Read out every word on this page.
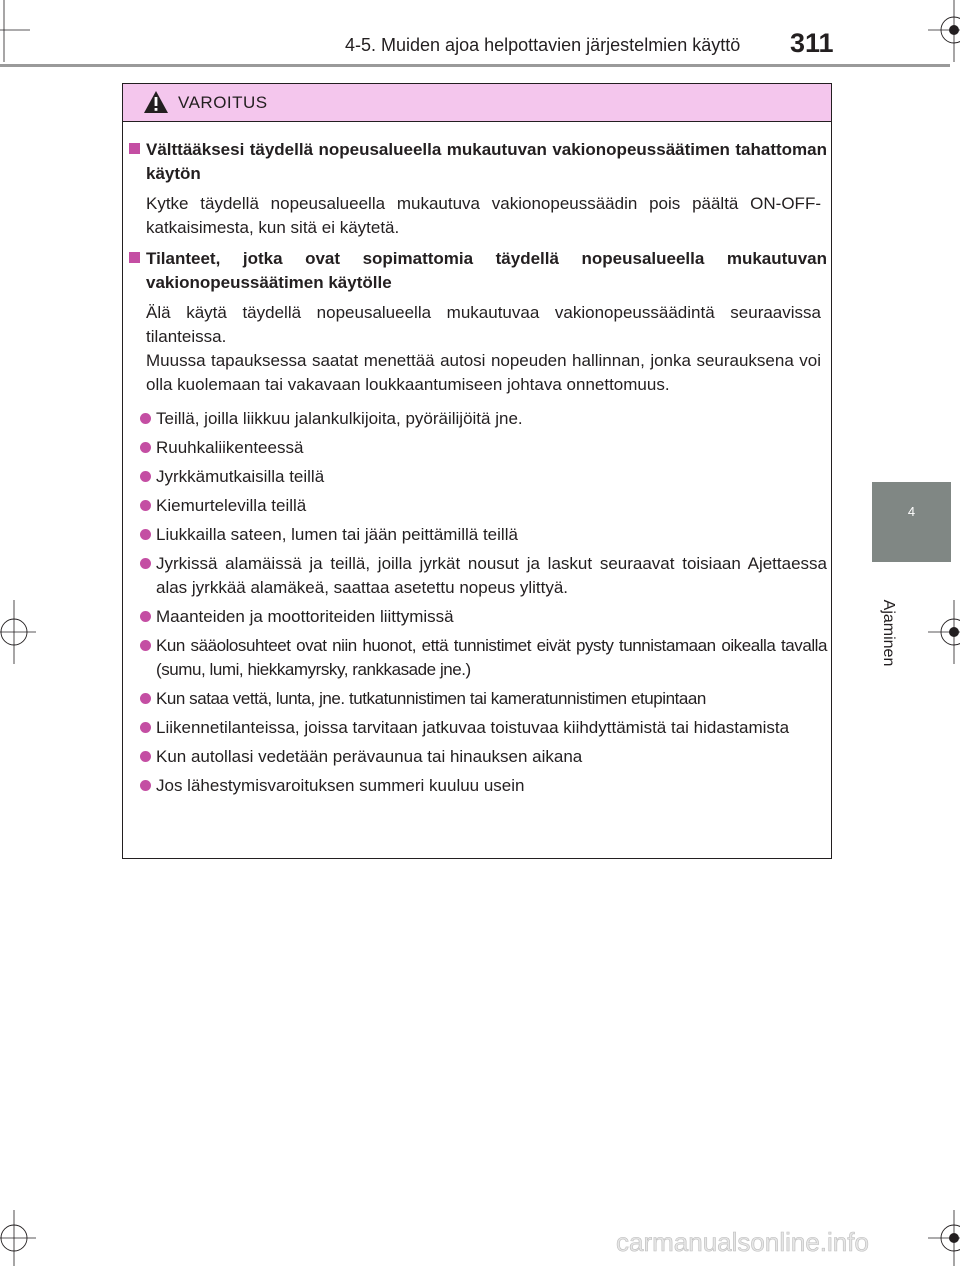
4-5. Muiden ajoa helpottavien järjestelmien käyttö	311
4
Ajaminen
VAROITUS
Välttääksesi täydellä nopeusalueella mukautuvan vakionopeussäätimen tahattoman käytön

Kytke täydellä nopeusalueella mukautuva vakionopeussäädin pois päältä ON-OFF-katkaisimesta, kun sitä ei käytetä.

Tilanteet, jotka ovat sopimattomia täydellä nopeusalueella mukautuvan vakionopeussäätimen käytölle

Älä käytä täydellä nopeusalueella mukautuvaa vakionopeussäädintä seuraavissa tilanteissa.

Muussa tapauksessa saatat menettää autosi nopeuden hallinnan, jonka seurauksena voi olla kuolemaan tai vakavaan loukkaantumiseen johtava onnettomuus.

Teillä, joilla liikkuu jalankulkijoita, pyöräilijöitä jne.
Ruuhkaliikenteessä
Jyrkkämutkaisilla teillä
Kiemurtelevilla teillä
Liukkailla sateen, lumen tai jään peittämillä teillä
Jyrkissä alamäissä ja teillä, joilla jyrkät nousut ja laskut seuraavat toisiaan Ajettaessa alas jyrkkää alamäkeä, saattaa asetettu nopeus ylittyä.
Maanteiden ja moottoriteiden liittymissä
Kun sääolosuhteet ovat niin huonot, että tunnistimet eivät pysty tunnistamaan oikealla tavalla (sumu, lumi, hiekkamyrsky, rankkasade jne.)
Kun sataa vettä, lunta, jne. tutkatunnistimen tai kameratunnistimen etupintaan
Liikennetilanteissa, joissa tarvitaan jatkuvaa toistuvaa kiihdyttämistä tai hidastamista
Kun autollasi vedetään perävaunua tai hinauksen aikana
Jos lähestymisvaroituksen summeri kuuluu usein
carmanualsonline.info
